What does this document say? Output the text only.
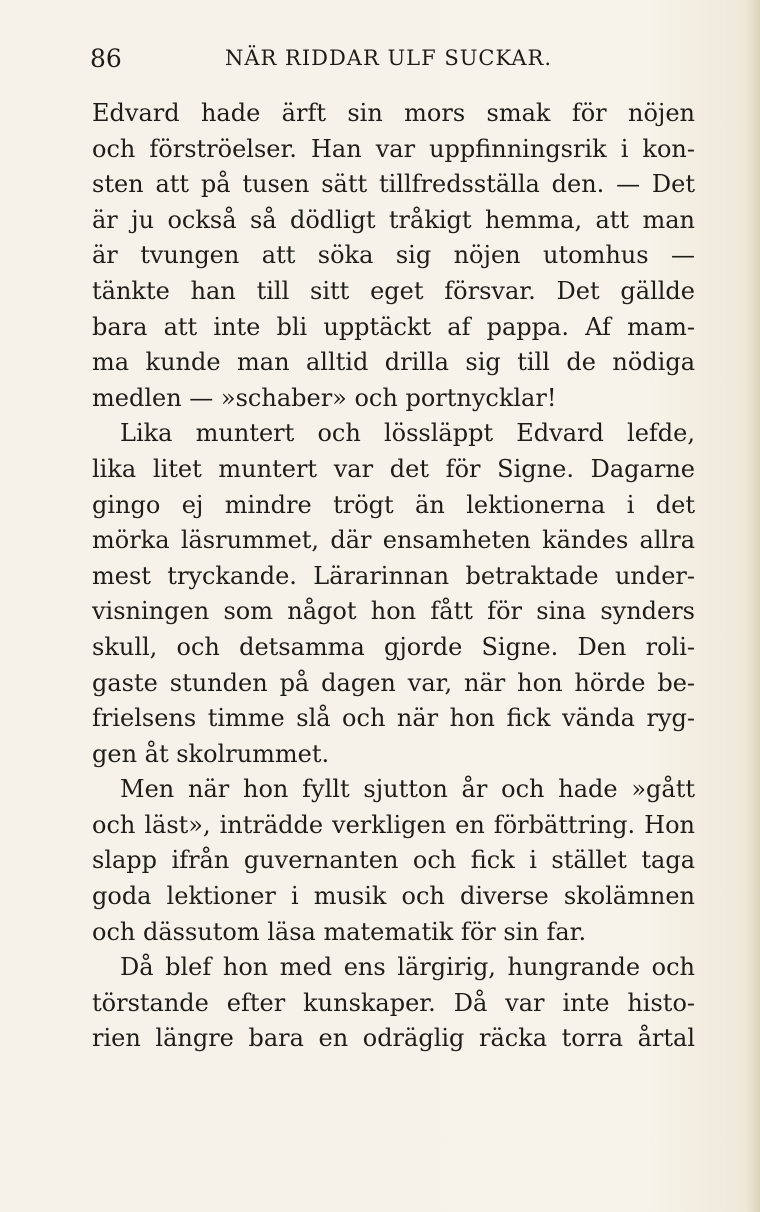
86	NÄR RIDDAR ULF SUCKAR.
Edvard hade ärft sin mors smak för nöjen
och förströelser. Han var uppfinningsrik i kon-
sten att på tusen sätt tillfredsställa den. — Det
är ju också så dödligt tråkigt hemma, att man
är tvungen att söka sig nöjen utomhus —
tänkte han till sitt eget försvar. Det gällde
bara att inte bli upptäckt af pappa. Af mam-
ma kunde man alltid drilla sig till de nödiga
medlen — »schaber» och portnycklar!
Lika muntert och lössläppt Edvard lefde,
lika litet muntert var det för Signe. Dagarne
gingo ej mindre trögt än lektionerna i det
mörka läsrummet, där ensamheten kändes allra
mest tryckande. Lärarinnan betraktade under-
visningen som något hon fått för sina synders
skull, och detsamma gjorde Signe. Den roli-
gaste stunden på dagen var, när hon hörde be-
frielsens timme slå och när hon fick vända ryg-
gen åt skolrummet.
Men när hon fyllt sjutton år och hade »gått
och läst», inträdde verkligen en förbättring. Hon
slapp ifrån guvernanten och fick i stället taga
goda lektioner i musik och diverse skolämnen
och dässutom läsa matematik för sin far.
Då blef hon med ens lärgirig, hungrande och
törstande efter kunskaper. Då var inte histo-
rien längre bara en odräglig räcka torra årtal
